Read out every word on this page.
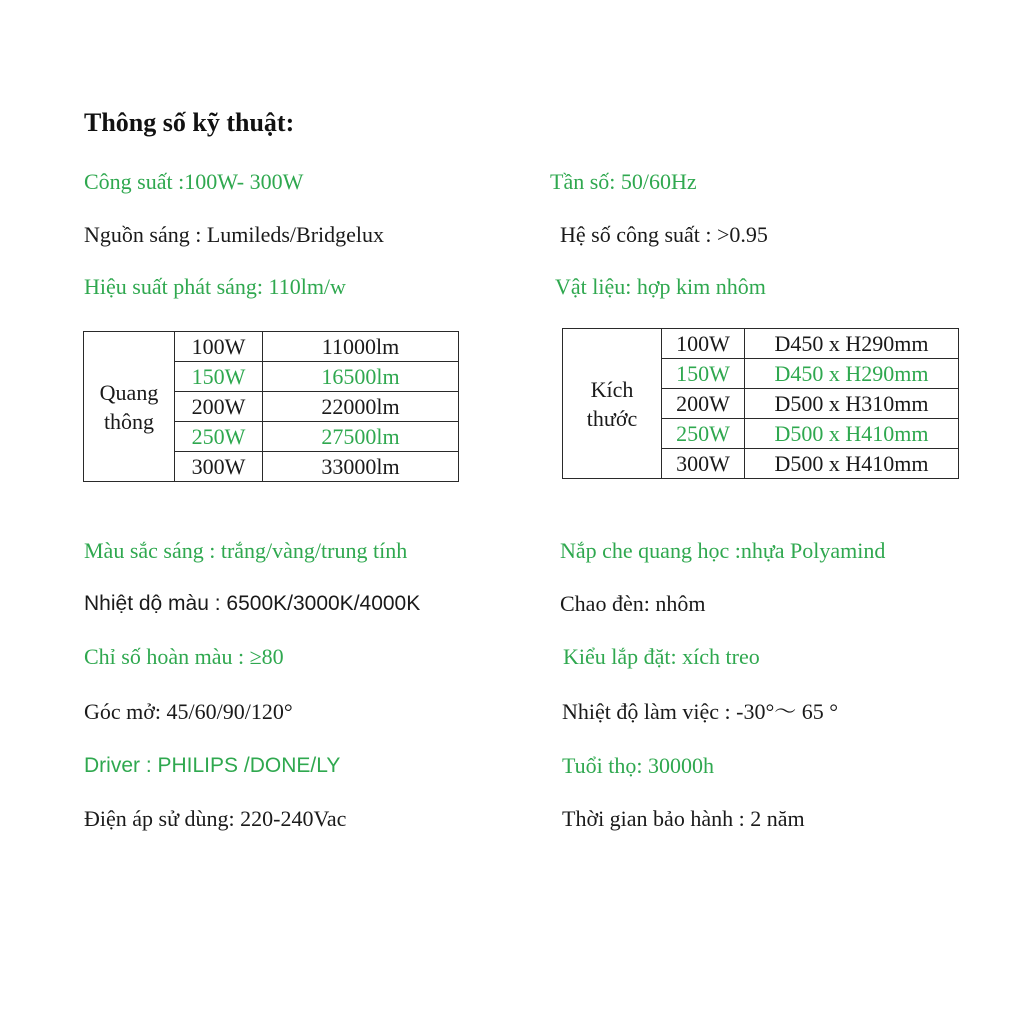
Thông số kỹ thuật:
Công suất :100W- 300W
Nguồn sáng : Lumileds/Bridgelux
Hiệu suất phát sáng: 110lm/w
Tần số: 50/60Hz
Hệ số công suất : >0.95
Vật liệu: hợp kim nhôm
Quang
thông	100W	11000lm
	150W	16500lm
	200W	22000lm
	250W	27500lm
	300W	33000lm
Kích
thước	100W	D450 x H290mm
	150W	D450 x H290mm
	200W	D500 x H310mm
	250W	D500 x H410mm
	300W	D500 x H410mm
Màu sắc sáng : trắng/vàng/trung tính
Nhiệt dộ màu : 6500K/3000K/4000K
Chỉ số hoàn màu : ≥80
Góc mở: 45/60/90/120°
Driver : PHILIPS /DONE/LY
Điện áp sử dùng: 220-240Vac
Nắp che quang học :nhựa Polyamind
Chao đèn: nhôm
Kiểu lắp đặt: xích treo
Nhiệt độ làm việc : -30°～ 65 °
Tuổi thọ: 30000h
Thời gian bảo hành : 2 năm
